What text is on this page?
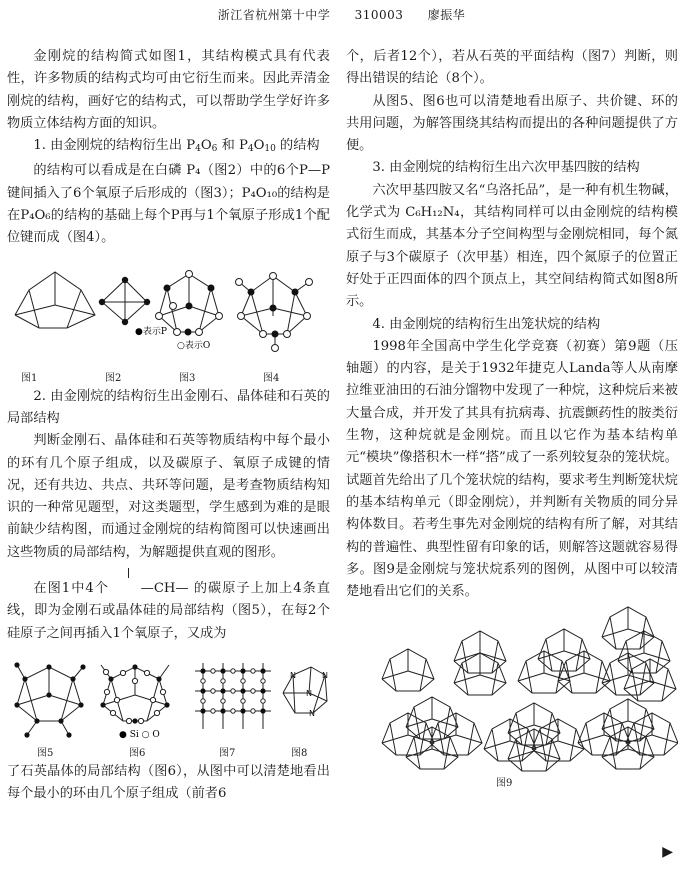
浙江省杭州第十中学 310003 廖振华

金刚烷的结构简式如图1，其结构模式具有代表性，许多物质的结构式均可由它衍生而来。因此弄清金刚烷的结构，画好它的结构式，可以帮助学生学好许多物质立体结构方面的知识。

1. 由金刚烷的结构衍生出 $P_4O_6$ 和 $P_4O_{10}$ 的结构

的结构可以看成是在白磷 P₄（图2）中的6个P—P键间插入了6个氧原子后形成的（图3）；P₄O₁₀的结构是在P₄O₆的结构的基础上每个P再与1个氧原子形成1个配位键而成（图4）。

●表示P
○表示O
图1	图2	图3	图4

2. 由金刚烷的结构衍生出金刚石、晶体硅和石英的局部结构

判断金刚石、晶体硅和石英等物质结构中每个最小的环有几个原子组成，以及碳原子、氧原子成键的情况，还有共边、共点、共环等问题，是考查物质结构知识的一种常见题型，对这类题型，学生感到为难的是眼前缺少结构图，而通过金刚烷的结构简图可以快速画出这些物质的局部结构，为解题提供直观的图形。

在图1中4个 —CH— 的碳原子上加上4条直线，即为金刚石或晶体硅的局部结构（图5），在每2个硅原子之间再插入1个氧原子，又成为

● Si ○ O
N	N
N
N
图5	图6	图7	图8

了石英晶体的局部结构（图6），从图中可以清楚地看出每个最小的环由几个原子组成（前者6

个，后者12个），若从石英的平面结构（图7）判断，则得出错误的结论（8个）。

从图5、图6也可以清楚地看出原子、共价键、环的共用问题，为解答围绕其结构而提出的各种问题提供了方便。

3. 由金刚烷的结构衍生出六次甲基四胺的结构

六次甲基四胺又名“乌洛托品”，是一种有机生物碱，化学式为 C₆H₁₂N₄，其结构同样可以由金刚烷的结构模式衍生而成，其基本分子空间构型与金刚烷相同，每个氮原子与3个碳原子（次甲基）相连，四个氮原子的位置正好处于正四面体的四个顶点上，其空间结构简式如图8所示。

4. 由金刚烷的结构衍生出笼状烷的结构

1998年全国高中学生化学竞赛（初赛）第9题（压轴题）的内容，是关于1932年捷克人Landa等人从南摩拉维亚油田的石油分馏物中发现了一种烷，这种烷后来被大量合成，并开发了其具有抗病毒、抗震颤药性的胺类衍生物，这种烷就是金刚烷。而且以它作为基本结构单元“模块”像搭积木一样“搭”成了一系列较复杂的笼状烷。试题首先给出了几个笼状烷的结构，要求考生判断笼状烷的基本结构单元（即金刚烷），并判断有关物质的同分异构体数目。若考生事先对金刚烷的结构有所了解，对其结构的普遍性、典型性留有印象的话，则解答这题就容易得多。图9是金刚烷与笼状烷系列的图例，从图中可以较清楚地看出它们的关系。

图9
▶
